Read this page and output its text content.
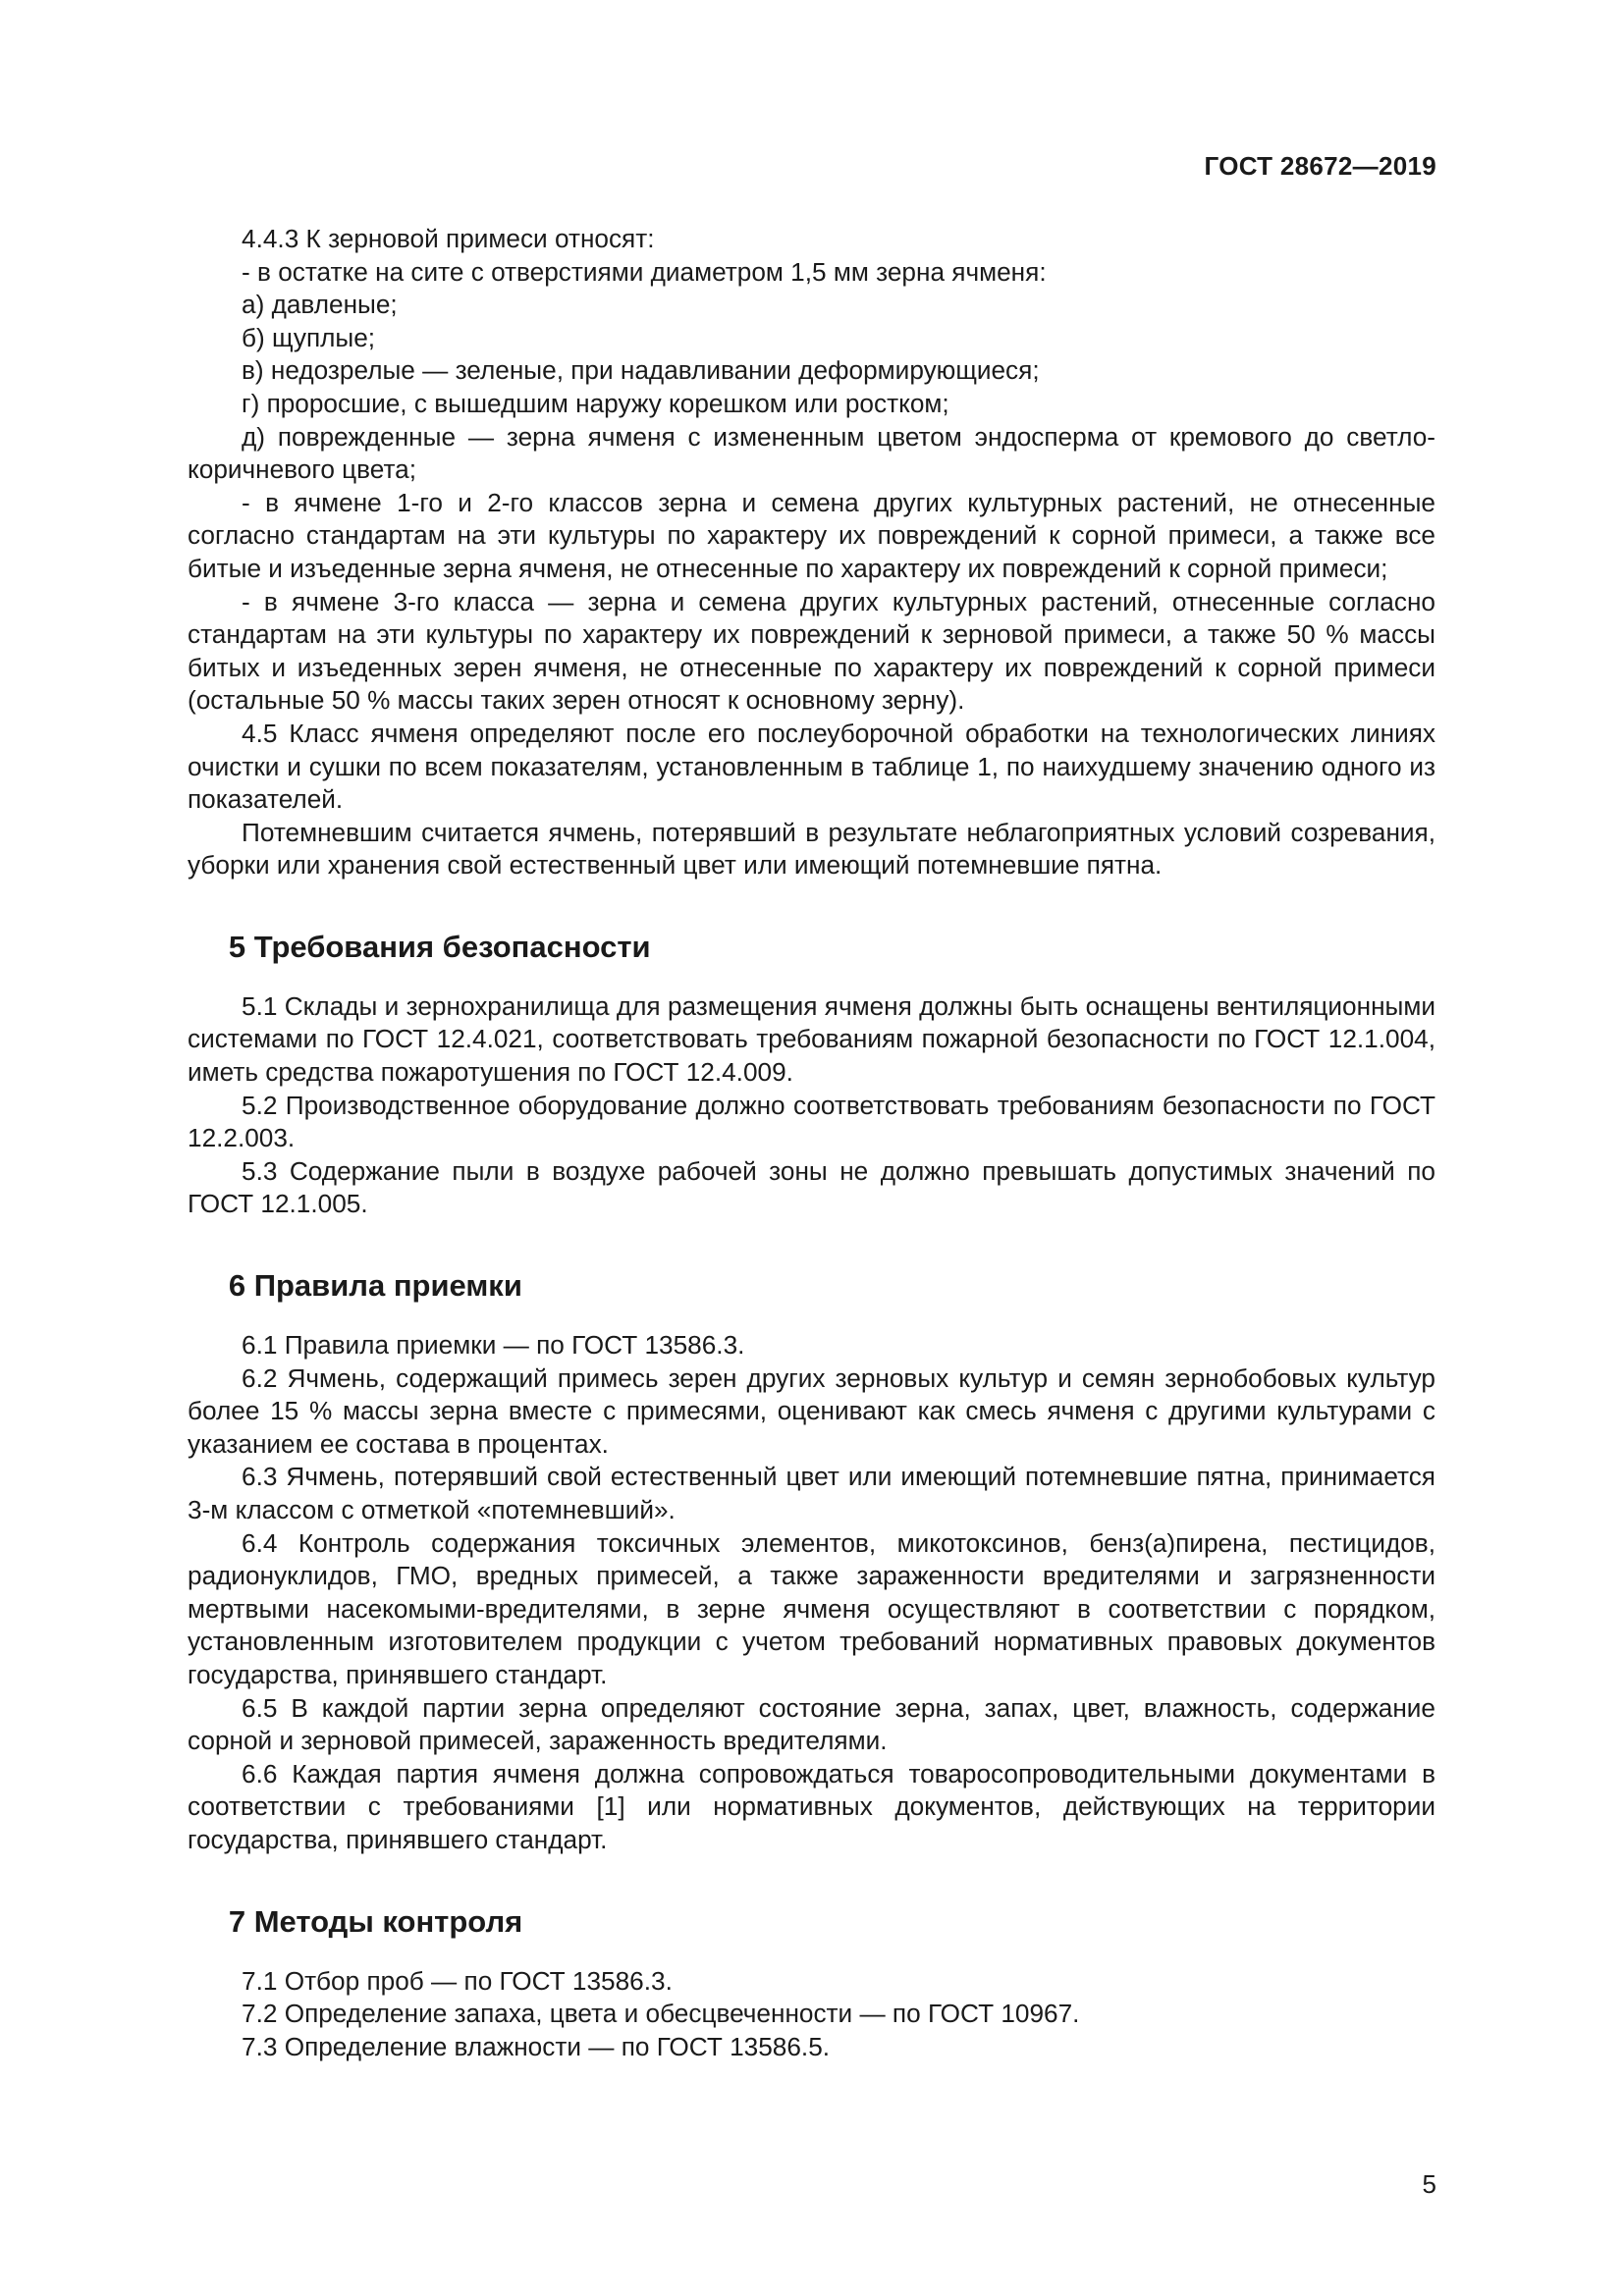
ГОСТ 28672—2019

4.4.3 К зерновой примеси относят:

- в остатке на сите с отверстиями диаметром 1,5 мм зерна ячменя:

а) давленые;

б) щуплые;

в) недозрелые — зеленые, при надавливании деформирующиеся;

г) проросшие, с вышедшим наружу корешком или ростком;

д) поврежденные — зерна ячменя с измененным цветом эндосперма от кремового до светло-коричневого цвета;

- в ячмене 1-го и 2-го классов зерна и семена других культурных растений, не отнесенные согласно стандартам на эти культуры по характеру их повреждений к сорной примеси, а также все битые и изъеденные зерна ячменя, не отнесенные по характеру их повреждений к сорной примеси;

- в ячмене 3-го класса — зерна и семена других культурных растений, отнесенные согласно стандартам на эти культуры по характеру их повреждений к зерновой примеси, а также 50 % массы битых и изъеденных зерен ячменя, не отнесенные по характеру их повреждений к сорной примеси (остальные 50 % массы таких зерен относят к основному зерну).

4.5 Класс ячменя определяют после его послеуборочной обработки на технологических линиях очистки и сушки по всем показателям, установленным в таблице 1, по наихудшему значению одного из показателей.

Потемневшим считается ячмень, потерявший в результате неблагоприятных условий созревания, уборки или хранения свой естественный цвет или имеющий потемневшие пятна.

5 Требования безопасности

5.1 Склады и зернохранилища для размещения ячменя должны быть оснащены вентиляционными системами по ГОСТ 12.4.021, соответствовать требованиям пожарной безопасности по ГОСТ 12.1.004, иметь средства пожаротушения по ГОСТ 12.4.009.

5.2 Производственное оборудование должно соответствовать требованиям безопасности по ГОСТ 12.2.003.

5.3 Содержание пыли в воздухе рабочей зоны не должно превышать допустимых значений по ГОСТ 12.1.005.

6 Правила приемки

6.1 Правила приемки — по ГОСТ 13586.3.

6.2 Ячмень, содержащий примесь зерен других зерновых культур и семян зернобобовых культур более 15 % массы зерна вместе с примесями, оценивают как смесь ячменя с другими культурами с указанием ее состава в процентах.

6.3 Ячмень, потерявший свой естественный цвет или имеющий потемневшие пятна, принимается 3-м классом с отметкой «потемневший».

6.4 Контроль содержания токсичных элементов, микотоксинов, бенз(а)пирена, пестицидов, радионуклидов, ГМО, вредных примесей, а также зараженности вредителями и загрязненности мертвыми насекомыми-вредителями, в зерне ячменя осуществляют в соответствии с порядком, установленным изготовителем продукции с учетом требований нормативных правовых документов государства, принявшего стандарт.

6.5 В каждой партии зерна определяют состояние зерна, запах, цвет, влажность, содержание сорной и зерновой примесей, зараженность вредителями.

6.6 Каждая партия ячменя должна сопровождаться товаросопроводительными документами в соответствии с требованиями [1] или нормативных документов, действующих на территории государства, принявшего стандарт.

7 Методы контроля

7.1 Отбор проб — по ГОСТ 13586.3.

7.2 Определение запаха, цвета и обесцвеченности — по ГОСТ 10967.

7.3 Определение влажности — по ГОСТ 13586.5.

5
